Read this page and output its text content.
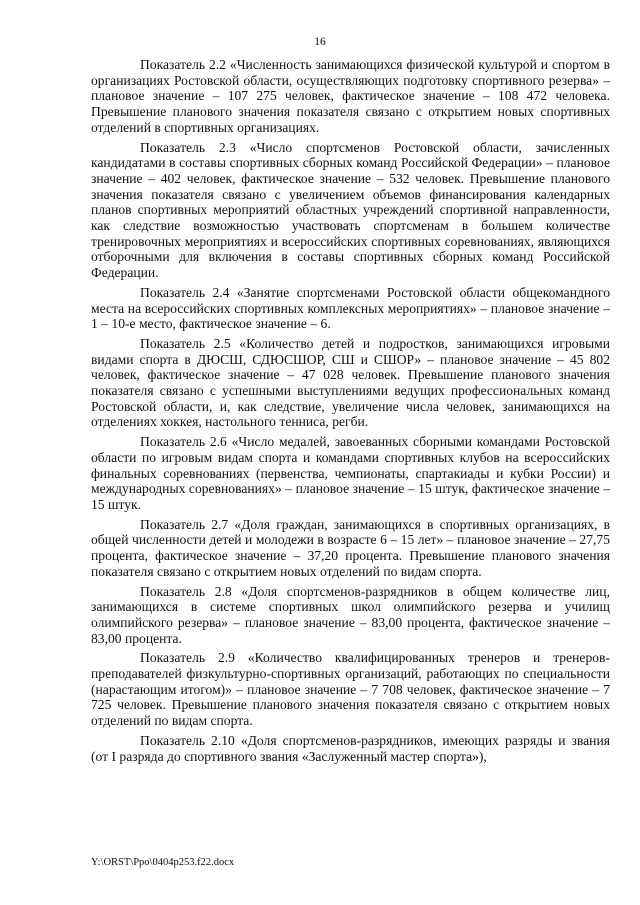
16

Показатель 2.2 «Численность занимающихся физической культурой и спортом в организациях Ростовской области, осуществляющих подготовку спортивного резерва» – плановое значение – 107 275 человек, фактическое значение – 108 472 человека. Превышение планового значения показателя связано с открытием новых спортивных отделений в спортивных организациях.

Показатель 2.3 «Число спортсменов Ростовской области, зачисленных кандидатами в составы спортивных сборных команд Российской Федерации» – плановое значение – 402 человек, фактическое значение – 532 человек. Превышение планового значения показателя связано с увеличением объемов финансирования календарных планов спортивных мероприятий областных учреждений спортивной направленности, как следствие возможностью участвовать спортсменам в большем количестве тренировочных мероприятиях и всероссийских спортивных соревнованиях, являющихся отборочными для включения в составы спортивных сборных команд Российской Федерации.

Показатель 2.4 «Занятие спортсменами Ростовской области общекомандного места на всероссийских спортивных комплексных мероприятиях» – плановое значение – 1 – 10-е место, фактическое значение – 6.

Показатель 2.5 «Количество детей и подростков, занимающихся игровыми видами спорта в ДЮСШ, СДЮСШОР, СШ и СШОР» – плановое значение – 45 802 человек, фактическое значение – 47 028 человек. Превышение планового значения показателя связано с успешными выступлениями ведущих профессиональных команд Ростовской области, и, как следствие, увеличение числа человек, занимающихся на отделениях хоккея, настольного тенниса, регби.

Показатель 2.6 «Число медалей, завоеванных сборными командами Ростовской области по игровым видам спорта и командами спортивных клубов на всероссийских финальных соревнованиях (первенства, чемпионаты, спартакиады и кубки России) и международных соревнованиях» – плановое значение – 15 штук, фактическое значение – 15 штук.

Показатель 2.7 «Доля граждан, занимающихся в спортивных организациях, в общей численности детей и молодежи в возрасте 6 – 15 лет» – плановое значение – 27,75 процента, фактическое значение – 37,20 процента. Превышение планового значения показателя связано с открытием новых отделений по видам спорта.

Показатель 2.8 «Доля спортсменов-разрядников в общем количестве лиц, занимающихся в системе спортивных школ олимпийского резерва и училищ олимпийского резерва» – плановое значение – 83,00 процента, фактическое значение – 83,00 процента.

Показатель 2.9 «Количество квалифицированных тренеров и тренеров-преподавателей физкультурно-спортивных организаций, работающих по специальности (нарастающим итогом)» – плановое значение – 7 708 человек, фактическое значение – 7 725 человек. Превышение планового значения показателя связано с открытием новых отделений по видам спорта.

Показатель 2.10 «Доля спортсменов-разрядников, имеющих разряды и звания (от I разряда до спортивного звания «Заслуженный мастер спорта»),

Y:\ORST\Ppo\0404p253.f22.docx
